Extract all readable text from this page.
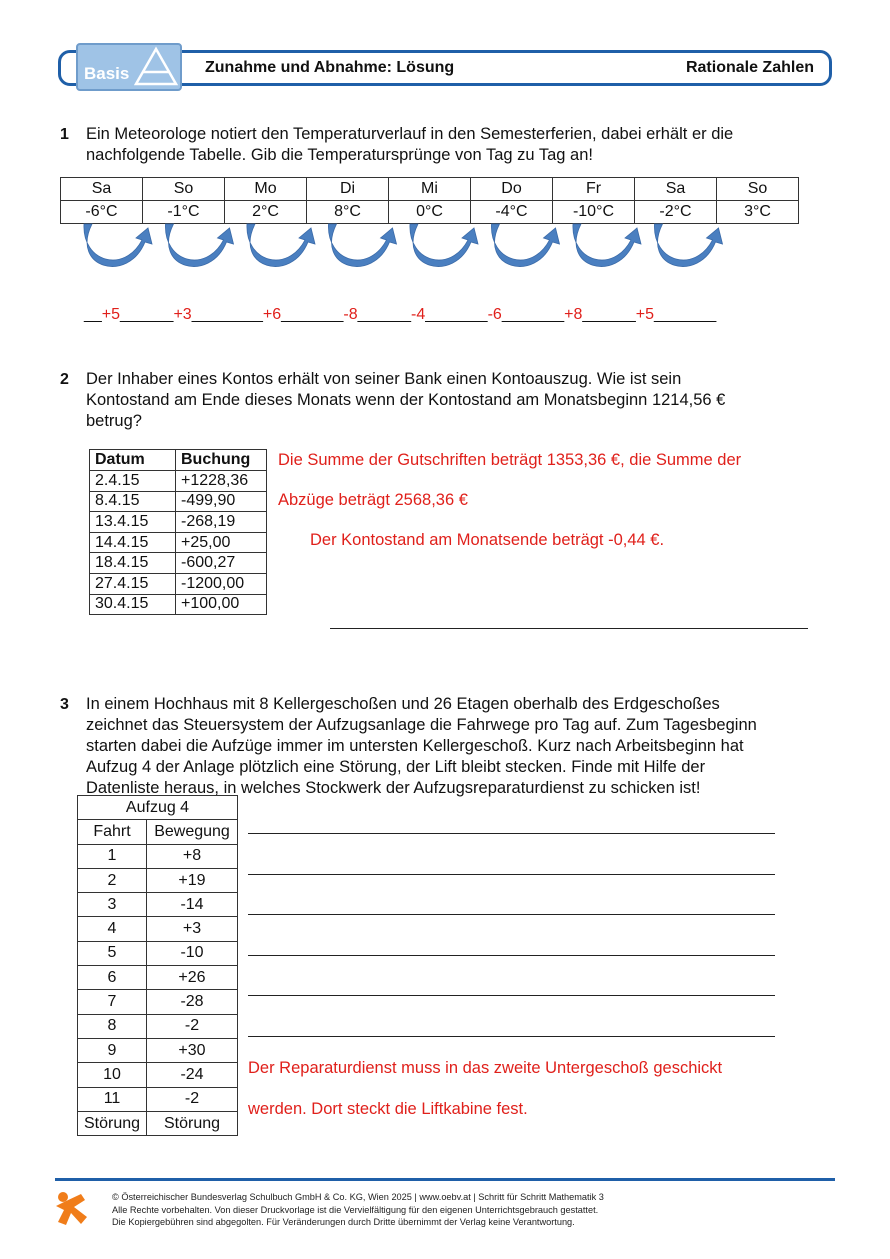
Basis	Zunahme und Abnahme: Lösung	Rationale Zahlen
1 Ein Meteorologe notiert den Temperaturverlauf in den Semesterferien, dabei erhält er die
nachfolgende Tabelle. Gib die Temperatursprünge von Tag zu Tag an!
Sa	So	Mo	Di	Mi	Do	Fr	Sa	So
-6°C	-1°C	2°C	8°C	0°C	-4°C	-10°C	-2°C	3°C
__+5______+3________+6_______-8______-4_______-6_______+8______+5_______
2 Der Inhaber eines Kontos erhält von seiner Bank einen Kontoauszug. Wie ist sein
Kontostand am Ende dieses Monats wenn der Kontostand am Monatsbeginn 1214,56 €
betrug?
Datum	Buchung
2.4.15	+1228,36
8.4.15	-499,90
13.4.15	-268,19
14.4.15	+25,00
18.4.15	-600,27
27.4.15	-1200,00
30.4.15	+100,00
Die Summe der Gutschriften beträgt 1353,36 €, die Summe der
Abzüge beträgt 2568,36 €
Der Kontostand am Monatsende beträgt -0,44 €.
3 In einem Hochhaus mit 8 Kellergeschoßen und 26 Etagen oberhalb des Erdgeschoßes
zeichnet das Steuersystem der Aufzugsanlage die Fahrwege pro Tag auf. Zum Tagesbeginn
starten dabei die Aufzüge immer im untersten Kellergeschoß. Kurz nach Arbeitsbeginn hat
Aufzug 4 der Anlage plötzlich eine Störung, der Lift bleibt stecken. Finde mit Hilfe der
Datenliste heraus, in welches Stockwerk der Aufzugsreparaturdienst zu schicken ist!
Aufzug 4	
Fahrt	Bewegung
1	+8
2	+19
3	-14
4	+3
5	-10
6	+26
7	-28
8	-2
9	+30
10	-24
11	-2
Störung	Störung
Der Reparaturdienst muss in das zweite Untergeschoß geschickt
werden. Dort steckt die Liftkabine fest.
© Österreichischer Bundesverlag Schulbuch GmbH & Co. KG, Wien 2025 | www.oebv.at | Schritt für Schritt Mathematik 3
Alle Rechte vorbehalten. Von dieser Druckvorlage ist die Vervielfältigung für den eigenen Unterrichtsgebrauch gestattet.
Die Kopiergebühren sind abgegolten. Für Veränderungen durch Dritte übernimmt der Verlag keine Verantwortung.
